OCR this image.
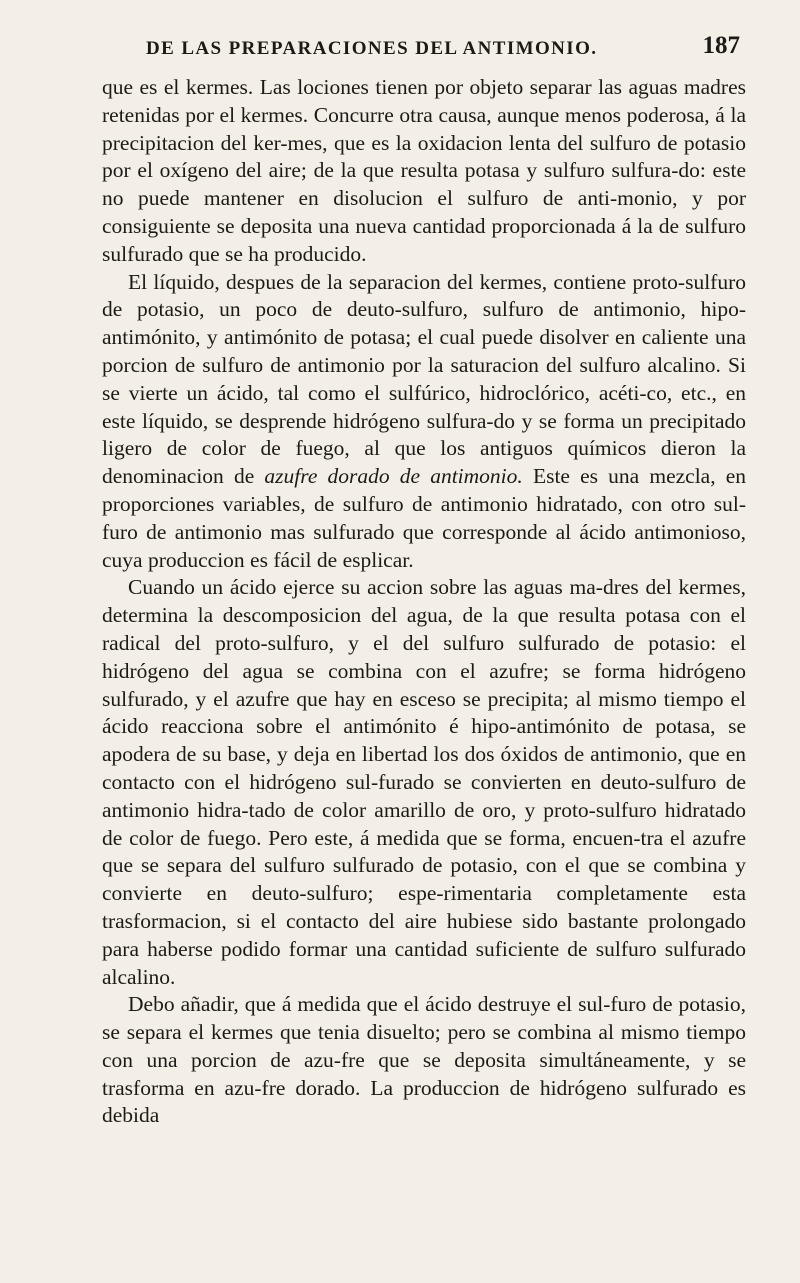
DE LAS PREPARACIONES DEL ANTIMONIO.	187

que es el kermes. Las lociones tienen por objeto separar las aguas madres retenidas por el kermes. Concurre otra causa, aunque menos poderosa, á la precipitacion del ker-mes, que es la oxidacion lenta del sulfuro de potasio por el oxígeno del aire; de la que resulta potasa y sulfuro sulfura-do: este no puede mantener en disolucion el sulfuro de anti-monio, y por consiguiente se deposita una nueva cantidad proporcionada á la de sulfuro sulfurado que se ha producido.

El líquido, despues de la separacion del kermes, contiene proto-sulfuro de potasio, un poco de deuto-sulfuro, sulfuro de antimonio, hipo-antimónito, y antimónito de potasa; el cual puede disolver en caliente una porcion de sulfuro de antimonio por la saturacion del sulfuro alcalino. Si se vierte un ácido, tal como el sulfúrico, hidroclórico, acéti-co, etc., en este líquido, se desprende hidrógeno sulfura-do y se forma un precipitado ligero de color de fuego, al que los antiguos químicos dieron la denominacion de azufre dorado de antimonio. Este es una mezcla, en proporciones variables, de sulfuro de antimonio hidratado, con otro sul-furo de antimonio mas sulfurado que corresponde al ácido antimonioso, cuya produccion es fácil de esplicar.

Cuando un ácido ejerce su accion sobre las aguas ma-dres del kermes, determina la descomposicion del agua, de la que resulta potasa con el radical del proto-sulfuro, y el del sulfuro sulfurado de potasio: el hidrógeno del agua se combina con el azufre; se forma hidrógeno sulfurado, y el azufre que hay en esceso se precipita; al mismo tiempo el ácido reacciona sobre el antimónito é hipo-antimónito de potasa, se apodera de su base, y deja en libertad los dos óxidos de antimonio, que en contacto con el hidrógeno sul-furado se convierten en deuto-sulfuro de antimonio hidra-tado de color amarillo de oro, y proto-sulfuro hidratado de color de fuego. Pero este, á medida que se forma, encuen-tra el azufre que se separa del sulfuro sulfurado de potasio, con el que se combina y convierte en deuto-sulfuro; espe-rimentaria completamente esta trasformacion, si el contacto del aire hubiese sido bastante prolongado para haberse podido formar una cantidad suficiente de sulfuro sulfurado alcalino.

Debo añadir, que á medida que el ácido destruye el sul-furo de potasio, se separa el kermes que tenia disuelto; pero se combina al mismo tiempo con una porcion de azu-fre que se deposita simultáneamente, y se trasforma en azu-fre dorado. La produccion de hidrógeno sulfurado es debida
